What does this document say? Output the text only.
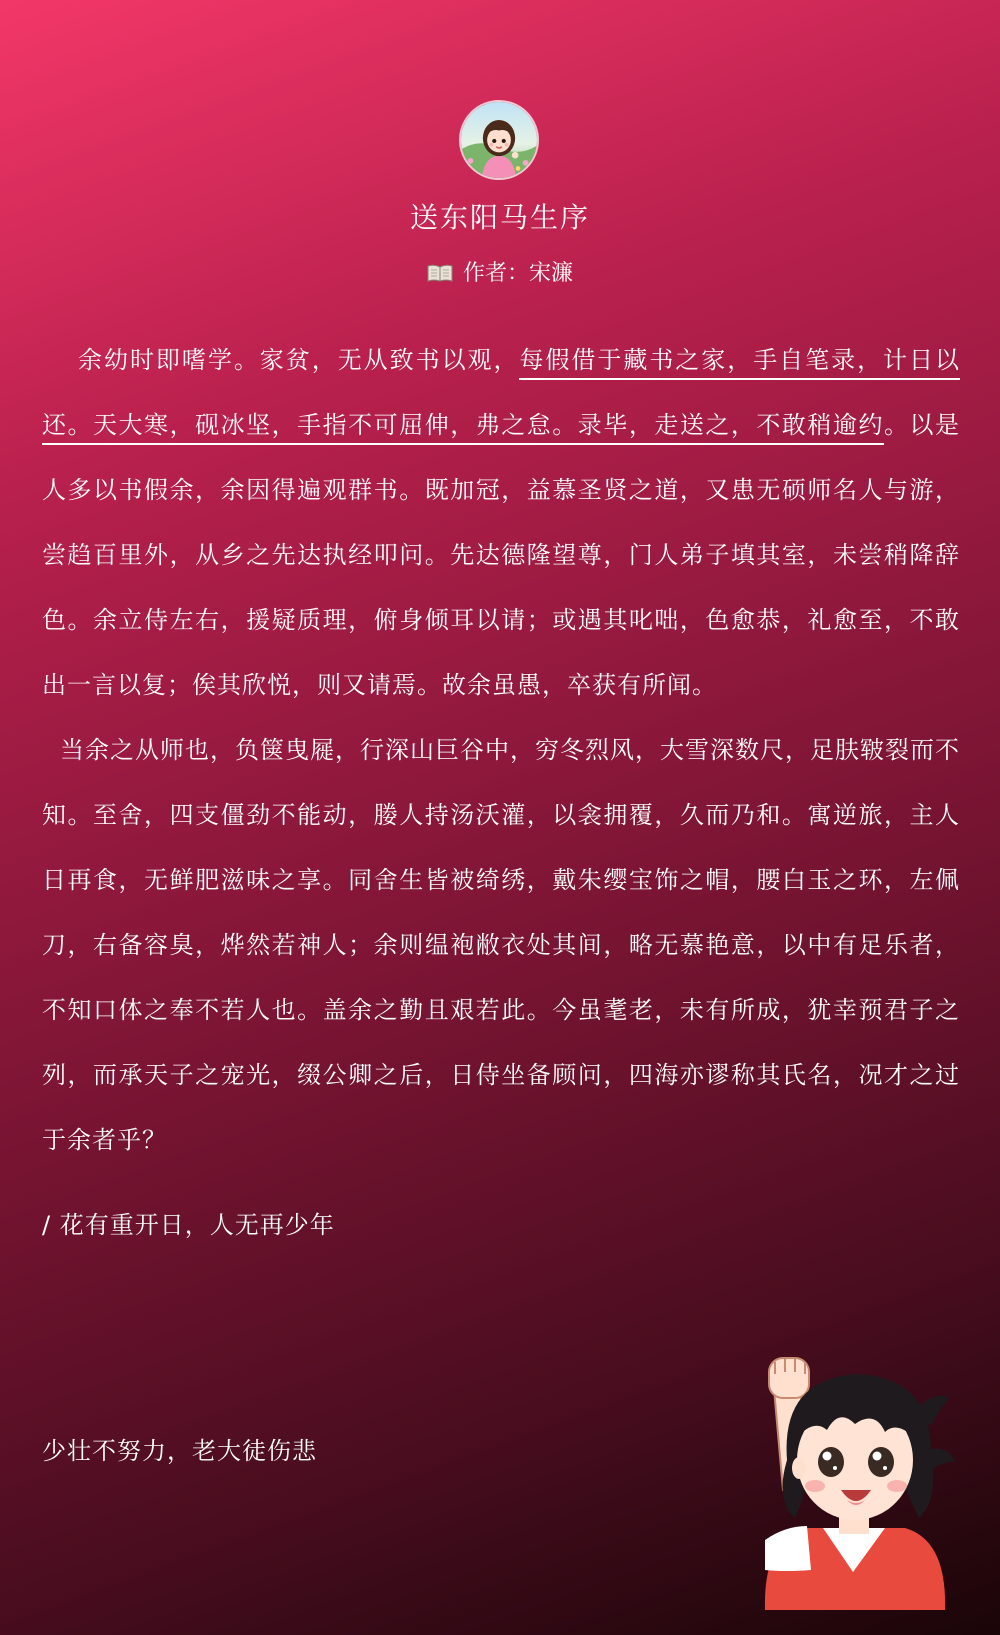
送东阳马生序
作者：宋濂

余幼时即嗜学。家贫，无从致书以观，每假借于藏书之家，手自笔录，计日以还。天大寒，砚冰坚，手指不可屈伸，弗之怠。录毕，走送之，不敢稍逾约。以是人多以书假余，余因得遍观群书。既加冠，益慕圣贤之道，又患无硕师名人与游，尝趋百里外，从乡之先达执经叩问。先达德隆望尊，门人弟子填其室，未尝稍降辞色。余立侍左右，援疑质理，俯身倾耳以请；或遇其叱咄，色愈恭，礼愈至，不敢出一言以复；俟其欣悦，则又请焉。故余虽愚，卒获有所闻。

当余之从师也，负箧曳屣，行深山巨谷中，穷冬烈风，大雪深数尺，足肤皲裂而不知。至舍，四支僵劲不能动，媵人持汤沃灌，以衾拥覆，久而乃和。寓逆旅，主人日再食，无鲜肥滋味之享。同舍生皆被绮绣，戴朱缨宝饰之帽，腰白玉之环，左佩刀，右备容臭，烨然若神人；余则缊袍敝衣处其间，略无慕艳意，以中有足乐者，不知口体之奉不若人也。盖余之勤且艰若此。今虽耄老，未有所成，犹幸预君子之列，而承天子之宠光，缀公卿之后，日侍坐备顾问，四海亦谬称其氏名，况才之过于余者乎？

/ 花有重开日，人无再少年
少壮不努力，老大徒伤悲
